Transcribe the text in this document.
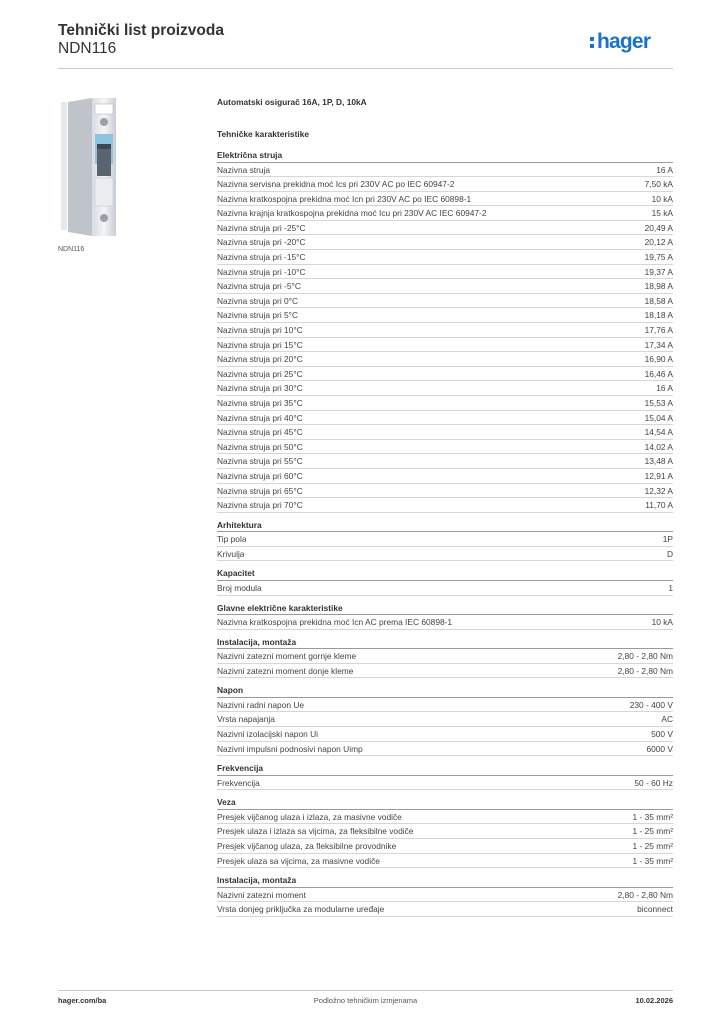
Tehnički list proizvoda
NDN116	hager
NDN116
Automatski osigurač 16A, 1P, D, 10kA
Tehničke karakteristike
Električna struja
Nazivna struja	16 A
Nazivna servisna prekidna moć Ics pri 230V AC po IEC 60947-2	7,50 kA
Nazivna kratkospojna prekidna moć Icn pri 230V AC po IEC 60898-1	10 kA
Nazivna krajnja kratkospojna prekidna moć Icu pri 230V AC IEC 60947-2	15 kA
Nazivna struja pri -25°C	20,49 A
Nazivna struja pri -20°C	20,12 A
Nazivna struja pri -15°C	19,75 A
Nazivna struja pri -10°C	19,37 A
Nazivna struja pri -5°C	18,98 A
Nazivna struja pri 0°C	18,58 A
Nazivna struja pri 5°C	18,18 A
Nazivna struja pri 10°C	17,76 A
Nazivna struja pri 15°C	17,34 A
Nazivna struja pri 20°C	16,90 A
Nazivna struja pri 25°C	16,46 A
Nazivna struja pri 30°C	16 A
Nazivna struja pri 35°C	15,53 A
Nazivna struja pri 40°C	15,04 A
Nazivna struja pri 45°C	14,54 A
Nazivna struja pri 50°C	14,02 A
Nazivna struja pri 55°C	13,48 A
Nazivna struja pri 60°C	12,91 A
Nazivna struja pri 65°C	12,32 A
Nazivna struja pri 70°C	11,70 A
Arhitektura
Tip pola	1P
Krivulja	D
Kapacitet
Broj modula	1
Glavne električne karakteristike
Nazivna kratkospojna prekidna moć Icn AC prema IEC 60898-1	10 kA
Instalacija, montaža
Nazivni zatezni moment gornje kleme	2,80 - 2,80 Nm
Nazivni zatezni moment donje kleme	2,80 - 2,80 Nm
Napon
Nazivni radni napon Ue	230 - 400 V
Vrsta napajanja	AC
Nazivni izolacijski napon Ui	500 V
Nazivni impulsni podnosivi napon Uimp	6000 V
Frekvencija
Frekvencija	50 - 60 Hz
Veza
Presjek vijčanog ulaza i izlaza, za masivne vodiče	1 - 35 mm²
Presjek ulaza i izlaza sa vijcima, za fleksibilne vodiče	1 - 25 mm²
Presjek vijčanog ulaza, za fleksibilne provodnike	1 - 25 mm²
Presjek ulaza sa vijcima, za masivne vodiče	1 - 35 mm²
Instalacija, montaža
Nazivni zatezni moment	2,80 - 2,80 Nm
Vrsta donjeg priključka za modularne uređaje	biconnect
hager.com/ba	Podložno tehničkim izmjenama	10.02.2026
